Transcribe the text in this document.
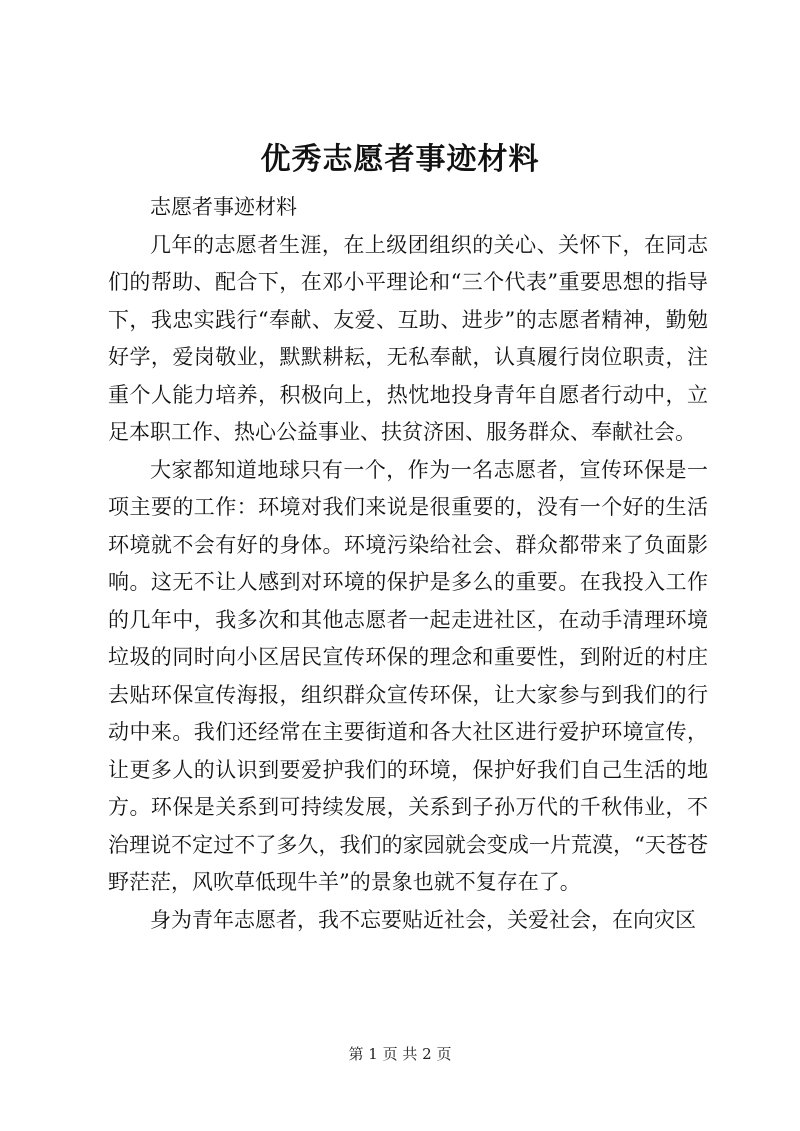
优秀志愿者事迹材料

志愿者事迹材料

几年的志愿者生涯，在上级团组织的关心、关怀下，在同志们的帮助、配合下，在邓小平理论和“三个代表”重要思想的指导下，我忠实践行“奉献、友爱、互助、进步”的志愿者精神，勤勉好学，爱岗敬业，默默耕耘，无私奉献，认真履行岗位职责，注重个人能力培养，积极向上，热忱地投身青年自愿者行动中，立足本职工作、热心公益事业、扶贫济困、服务群众、奉献社会。

大家都知道地球只有一个，作为一名志愿者，宣传环保是一项主要的工作：环境对我们来说是很重要的，没有一个好的生活环境就不会有好的身体。环境污染给社会、群众都带来了负面影响。这无不让人感到对环境的保护是多么的重要。在我投入工作的几年中，我多次和其他志愿者一起走进社区，在动手清理环境垃圾的同时向小区居民宣传环保的理念和重要性，到附近的村庄去贴环保宣传海报，组织群众宣传环保，让大家参与到我们的行动中来。我们还经常在主要街道和各大社区进行爱护环境宣传，让更多人的认识到要爱护我们的环境，保护好我们自己生活的地方。环保是关系到可持续发展，关系到子孙万代的千秋伟业，不治理说不定过不了多久，我们的家园就会变成一片荒漠，“天苍苍野茫茫，风吹草低现牛羊”的景象也就不复存在了。

身为青年志愿者，我不忘要贴近社会，关爱社会，在向灾区

第 1 页 共 2 页
